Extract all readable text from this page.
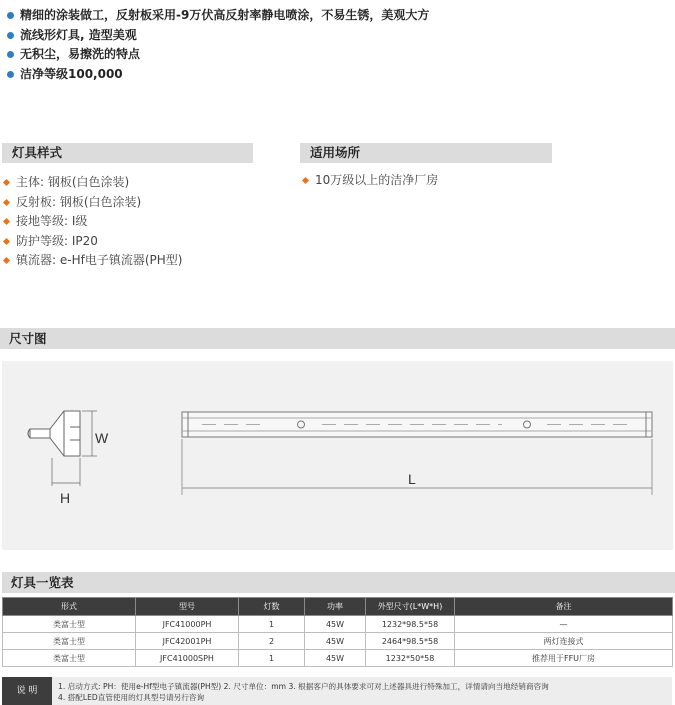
精细的涂装做工，反射板采用-9万伏高反射率静电喷涂，不易生锈，美观大方
流线形灯具, 造型美观
无积尘，易擦洗的特点
洁净等级100,000
灯具样式
主体: 钢板(白色涂装)
反射板: 钢板(白色涂装)
接地等级: I级
防护等级: IP20
镇流器: e-Hf电子镇流器(PH型)
适用场所
10万级以上的洁净厂房
尺寸图
W
H
L
灯具一览表
形式	型号	灯数	功率	外型尺寸(L*W*H)	备注
类富士型	JFC41000PH	1	45W	1232*98.5*58	—
类富士型	JFC42001PH	2	45W	2464*98.5*58	两灯连接式
类富士型	JFC41000SPH	1	45W	1232*50*58	推荐用于FFU厂房
说 明	1. 启动方式: PH：使用e-Hf型电子镇流器(PH型) 2. 尺寸单位：mm 3. 根据客户的具体要求可对上述器具进行特殊加工，详情请向当地经销商咨询
4. 搭配LED直管使用的灯具型号请另行咨询
